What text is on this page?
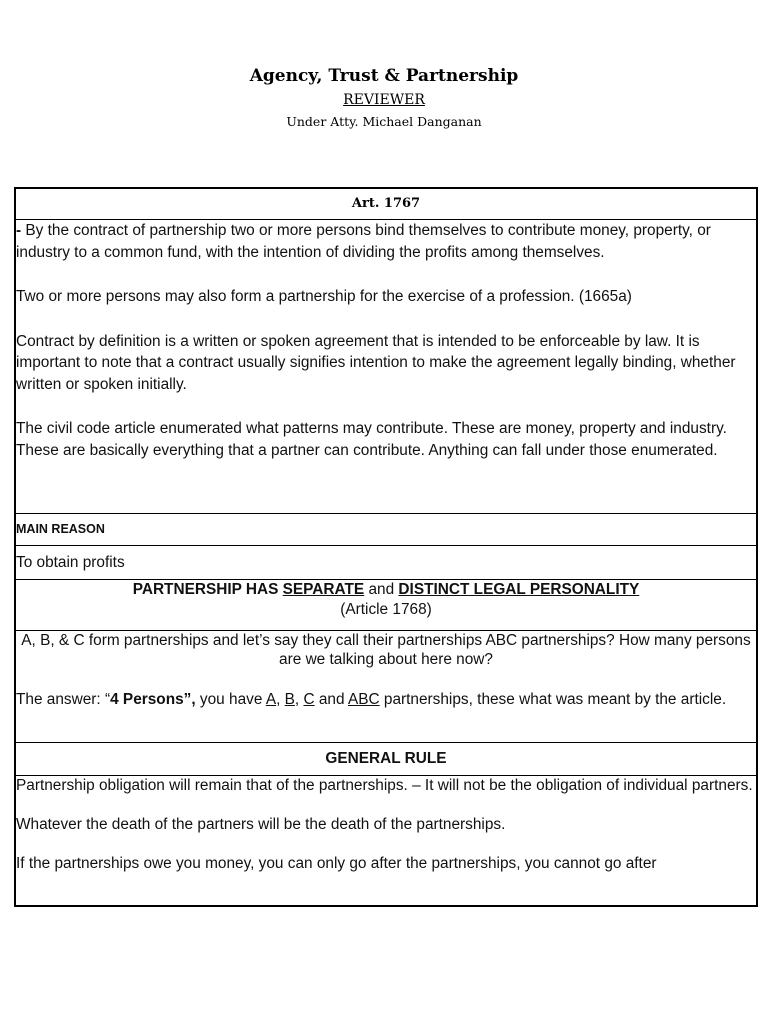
Agency, Trust & Partnership
REVIEWER
Under Atty. Michael Danganan
Art. 1767

- By the contract of partnership two or more persons bind themselves to contribute money, property, or industry to a common fund, with the intention of dividing the profits among themselves.

Two or more persons may also form a partnership for the exercise of a profession. (1665a)

Contract by definition is a written or spoken agreement that is intended to be enforceable by law. It is important to note that a contract usually signifies intention to make the agreement legally binding, whether written or spoken initially.

The civil code article enumerated what patterns may contribute. These are money, property and industry. These are basically everything that a partner can contribute. Anything can fall under those enumerated.

MAIN REASON
To obtain profits

PARTNERSHIP HAS SEPARATE and DISTINCT LEGAL PERSONALITY
(Article 1768)

A, B, & C form partnerships and let’s say they call their partnerships ABC partnerships? How many persons are we talking about here now?

The answer: “4 Persons”, you have A, B, C and ABC partnerships, these what was meant by the article.

GENERAL RULE

Partnership obligation will remain that of the partnerships. – It will not be the obligation of individual partners.

Whatever the death of the partners will be the death of the partnerships.

If the partnerships owe you money, you can only go after the partnerships, you cannot go after
